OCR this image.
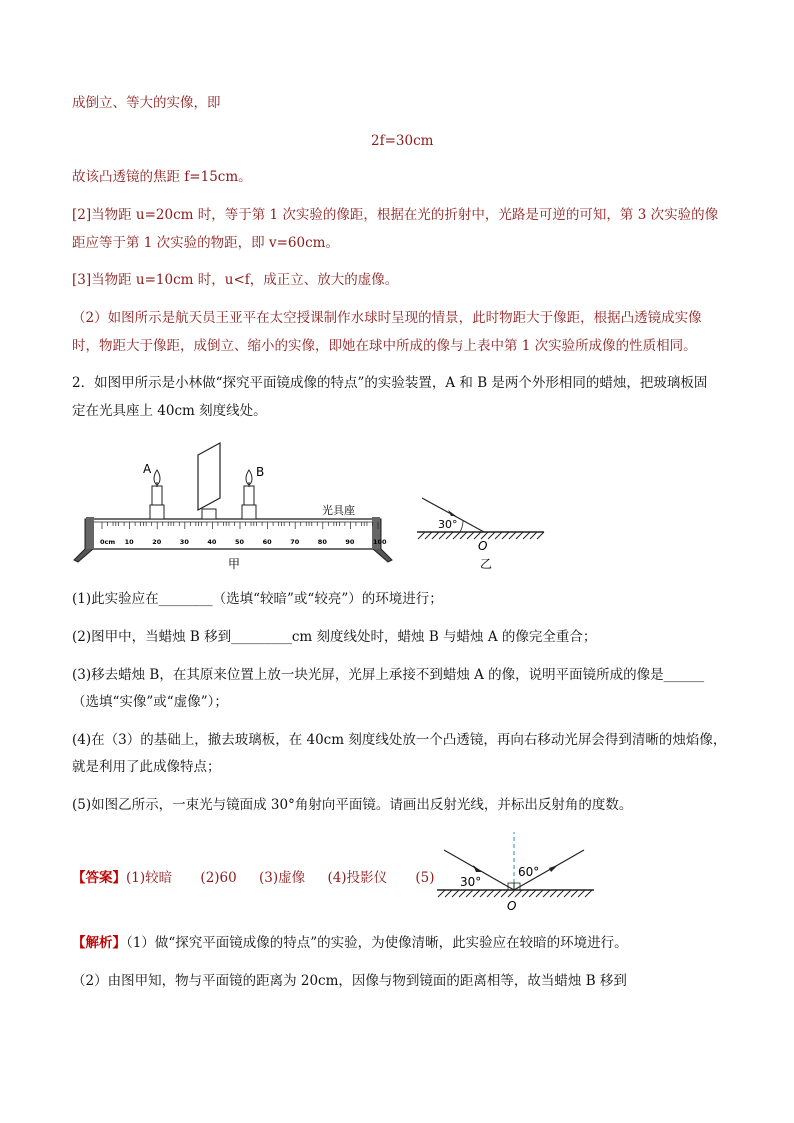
成倒立、等大的实像，即
2f=30cm
故该凸透镜的焦距 f=15cm。
[2]当物距 u=20cm 时，等于第 1 次实验的像距，根据在光的折射中，光路是可逆的可知，第 3 次实验的像
距应等于第 1 次实验的物距，即 v=60cm。
[3]当物距 u=10cm 时，u<f，成正立、放大的虚像。
（2）如图所示是航天员王亚平在太空授课制作水球时呈现的情景，此时物距大于像距，根据凸透镜成实像
时，物距大于像距，成倒立、缩小的实像，即她在球中所成的像与上表中第 1 次实验所成像的性质相同。
2．如图甲所示是小林做“探究平面镜成像的特点”的实验装置，A 和 B 是两个外形相同的蜡烛，把玻璃板固
定在光具座上 40cm 刻度线处。
0cm 10	20	30	40	50	60	70	80	90	100
A	B
光具座
甲
30°
O
乙
(1)此实验应在________（选填“较暗”或“较亮”）的环境进行；
(2)图甲中，当蜡烛 B 移到_________cm 刻度线处时，蜡烛 B 与蜡烛 A 的像完全重合；
(3)移去蜡烛 B，在其原来位置上放一块光屏，光屏上承接不到蜡烛 A 的像，说明平面镜所成的像是______
（选填“实像”或“虚像”）；
(4)在（3）的基础上，撤去玻璃板，在 40cm 刻度线处放一个凸透镜，再向右移动光屏会得到清晰的烛焰像，
就是利用了此成像特点；
(5)如图乙所示，一束光与镜面成 30°角射向平面镜。请画出反射光线，并标出反射角的度数。
【答案】(1)较暗 (2)60 (3)虚像 (4)投影仪 (5) 30°
60°
O
【解析】（1）做“探究平面镜成像的特点”的实验，为使像清晰，此实验应在较暗的环境进行。
（2）由图甲知，物与平面镜的距离为 20cm，因像与物到镜面的距离相等，故当蜡烛 B 移到
